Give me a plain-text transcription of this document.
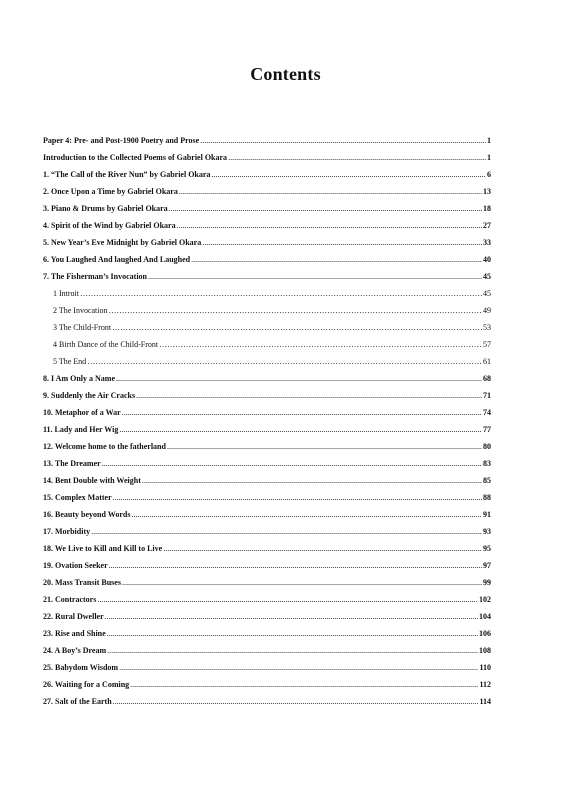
Contents
Paper 4: Pre- and Post-1900 Poetry and Prose .....	1
Introduction to the Collected Poems of Gabriel Okara .....	1
1. “The Call of the River Nun” by Gabriel Okara .....	6
2. Once Upon a Time by Gabriel Okara .....	13
3. Piano & Drums by Gabriel Okara .....	18
4. Spirit of the Wind by Gabriel Okara .....	27
5. New Year’s Eve Midnight by Gabriel Okara .....	33
6. You Laughed And laughed And Laughed .....	40
7. The Fisherman’s Invocation .....	45
1 Introit …………………………………………………………………………………………………………………………………………………………………………………………………………………………	45
2 The Invocation …………………………………………………………………………………………………………………………………………………………………………………………………………………………	49
3 The Child-Front …………………………………………………………………………………………………………………………………………………………………………………………………………………………	53
4 Birth Dance of the Child-Front …………………………………………………………………………………………………………………………………………………………………………………………………………………………	57
5 The End …………………………………………………………………………………………………………………………………………………………………………………………………………………………	61
8. I Am Only a Name .....	68
9. Suddenly the Air Cracks .....	71
10. Metaphor of a War .....	74
11. Lady and Her Wig .....	77
12. Welcome home to the fatherland .....	80
13. The Dreamer .....	83
14. Bent Double with Weight .....	85
15. Complex Matter .....	88
16. Beauty beyond Words .....	91
17. Morbidity .....	93
18. We Live to Kill and Kill to Live .....	95
19. Ovation Seeker .....	97
20. Mass Transit Buses .....	99
21. Contractors .....	102
22. Rural Dweller .....	104
23. Rise and Shine .....	106
24. A Boy’s Dream .....	108
25. Babydom Wisdom .....	110
26. Waiting for a Coming .....	112
27. Salt of the Earth .....	114
